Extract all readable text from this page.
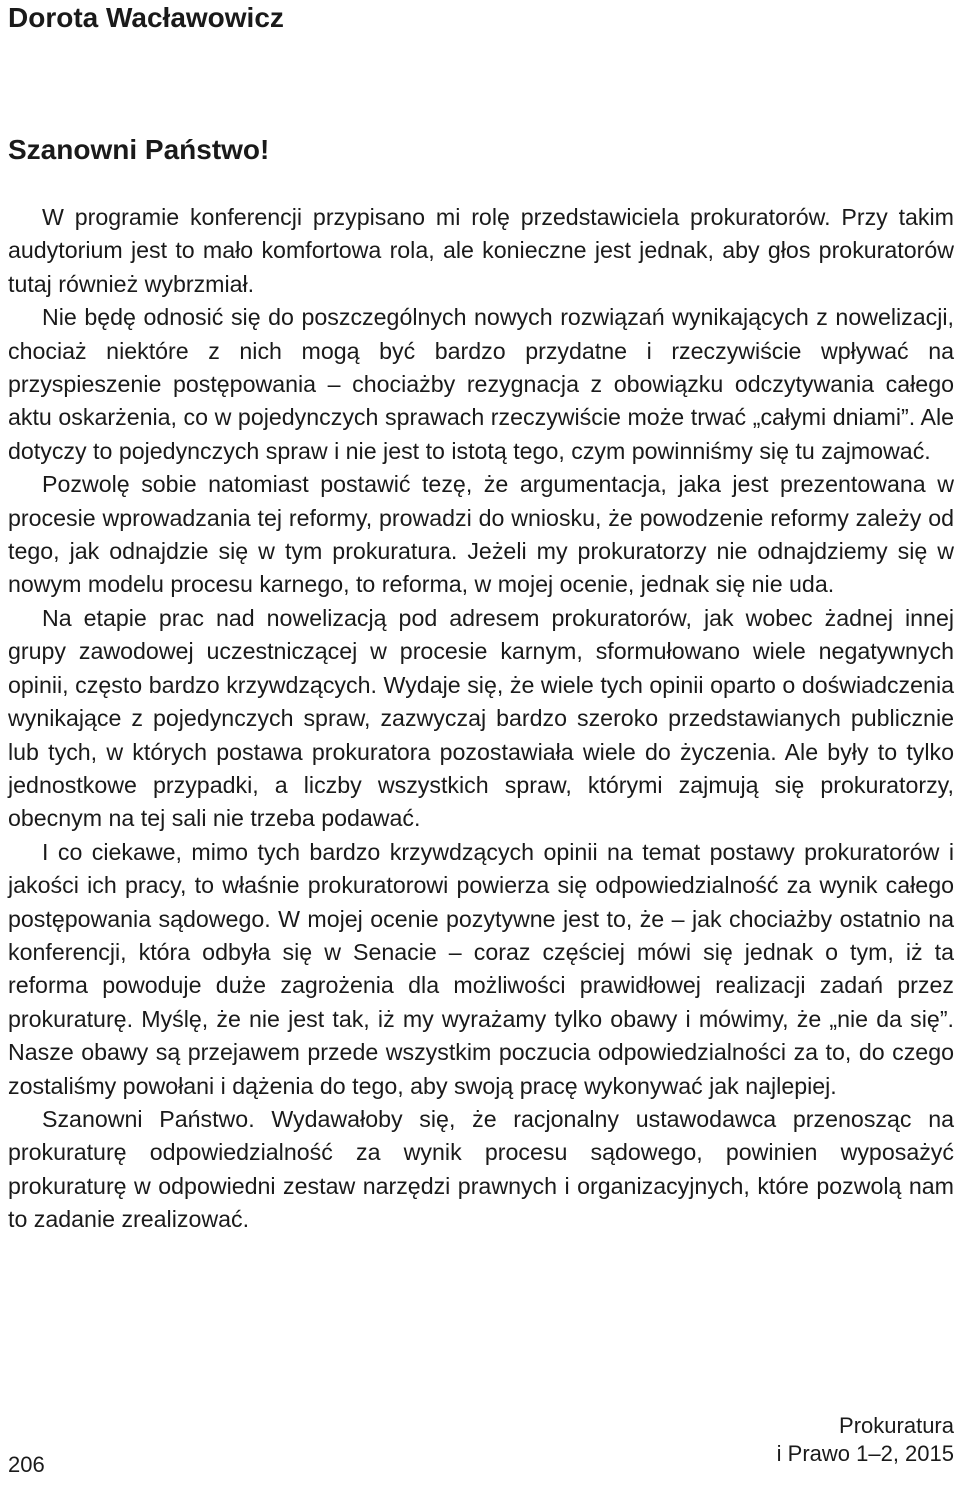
Dorota Wacławowicz
Szanowni Państwo!

W programie konferencji przypisano mi rolę przedstawiciela prokuratorów. Przy takim audytorium jest to mało komfortowa rola, ale konieczne jest jednak, aby głos prokuratorów tutaj również wybrzmiał.

Nie będę odnosić się do poszczególnych nowych rozwiązań wynikających z nowelizacji, chociaż niektóre z nich mogą być bardzo przydatne i rzeczywiście wpływać na przyspieszenie postępowania – chociażby rezygnacja z obowiązku odczytywania całego aktu oskarżenia, co w pojedynczych sprawach rzeczywiście może trwać „całymi dniami”. Ale dotyczy to pojedynczych spraw i nie jest to istotą tego, czym powinniśmy się tu zajmować.

Pozwolę sobie natomiast postawić tezę, że argumentacja, jaka jest prezentowana w procesie wprowadzania tej reformy, prowadzi do wniosku, że powodzenie reformy zależy od tego, jak odnajdzie się w tym prokuratura. Jeżeli my prokuratorzy nie odnajdziemy się w nowym modelu procesu karnego, to reforma, w mojej ocenie, jednak się nie uda.

Na etapie prac nad nowelizacją pod adresem prokuratorów, jak wobec żadnej innej grupy zawodowej uczestniczącej w procesie karnym, sformułowano wiele negatywnych opinii, często bardzo krzywdzących. Wydaje się, że wiele tych opinii oparto o doświadczenia wynikające z pojedynczych spraw, zazwyczaj bardzo szeroko przedstawianych publicznie lub tych, w których postawa prokuratora pozostawiała wiele do życzenia. Ale były to tylko jednostkowe przypadki, a liczby wszystkich spraw, którymi zajmują się prokuratorzy, obecnym na tej sali nie trzeba podawać.

I co ciekawe, mimo tych bardzo krzywdzących opinii na temat postawy prokuratorów i jakości ich pracy, to właśnie prokuratorowi powierza się odpowiedzialność za wynik całego postępowania sądowego. W mojej ocenie pozytywne jest to, że – jak chociażby ostatnio na konferencji, która odbyła się w Senacie – coraz częściej mówi się jednak o tym, iż ta reforma powoduje duże zagrożenia dla możliwości prawidłowej realizacji zadań przez prokuraturę. Myślę, że nie jest tak, iż my wyrażamy tylko obawy i mówimy, że „nie da się”. Nasze obawy są przejawem przede wszystkim poczucia odpowiedzialności za to, do czego zostaliśmy powołani i dążenia do tego, aby swoją pracę wykonywać jak najlepiej.

Szanowni Państwo. Wydawałoby się, że racjonalny ustawodawca przenosząc na prokuraturę odpowiedzialność za wynik procesu sądowego, powinien wyposażyć prokuraturę w odpowiedni zestaw narzędzi prawnych i organizacyjnych, które pozwolą nam to zadanie zrealizować.

206
Prokuratura
i Prawo 1–2, 2015
